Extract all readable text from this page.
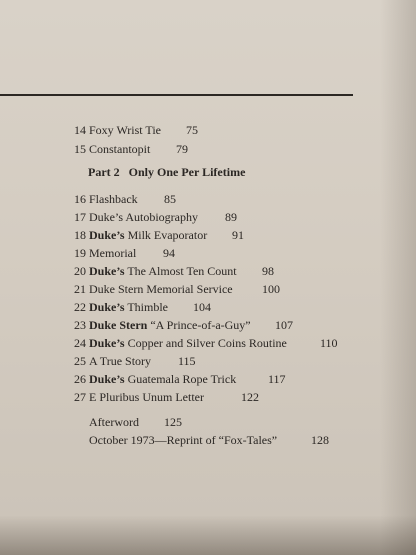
14 Foxy Wrist Tie 75
15 Constantopit 79
Part 2   Only One Per Lifetime
16 Flashback 85
17 Duke’s Autobiography 89
18 Duke’s Milk Evaporator 91
19 Memorial 94
20 Duke’s The Almost Ten Count 98
21 Duke Stern Memorial Service 100
22 Duke’s Thimble 104
23 Duke Stern “A Prince-of-a-Guy” 107
24 Duke’s Copper and Silver Coins Routine	110
25 A True Story 115
26 Duke’s Guatemala Rope Trick	117
27 E Pluribus Unum Letter	122
Afterword 125
October 1973—Reprint of “Fox-Tales”	128
